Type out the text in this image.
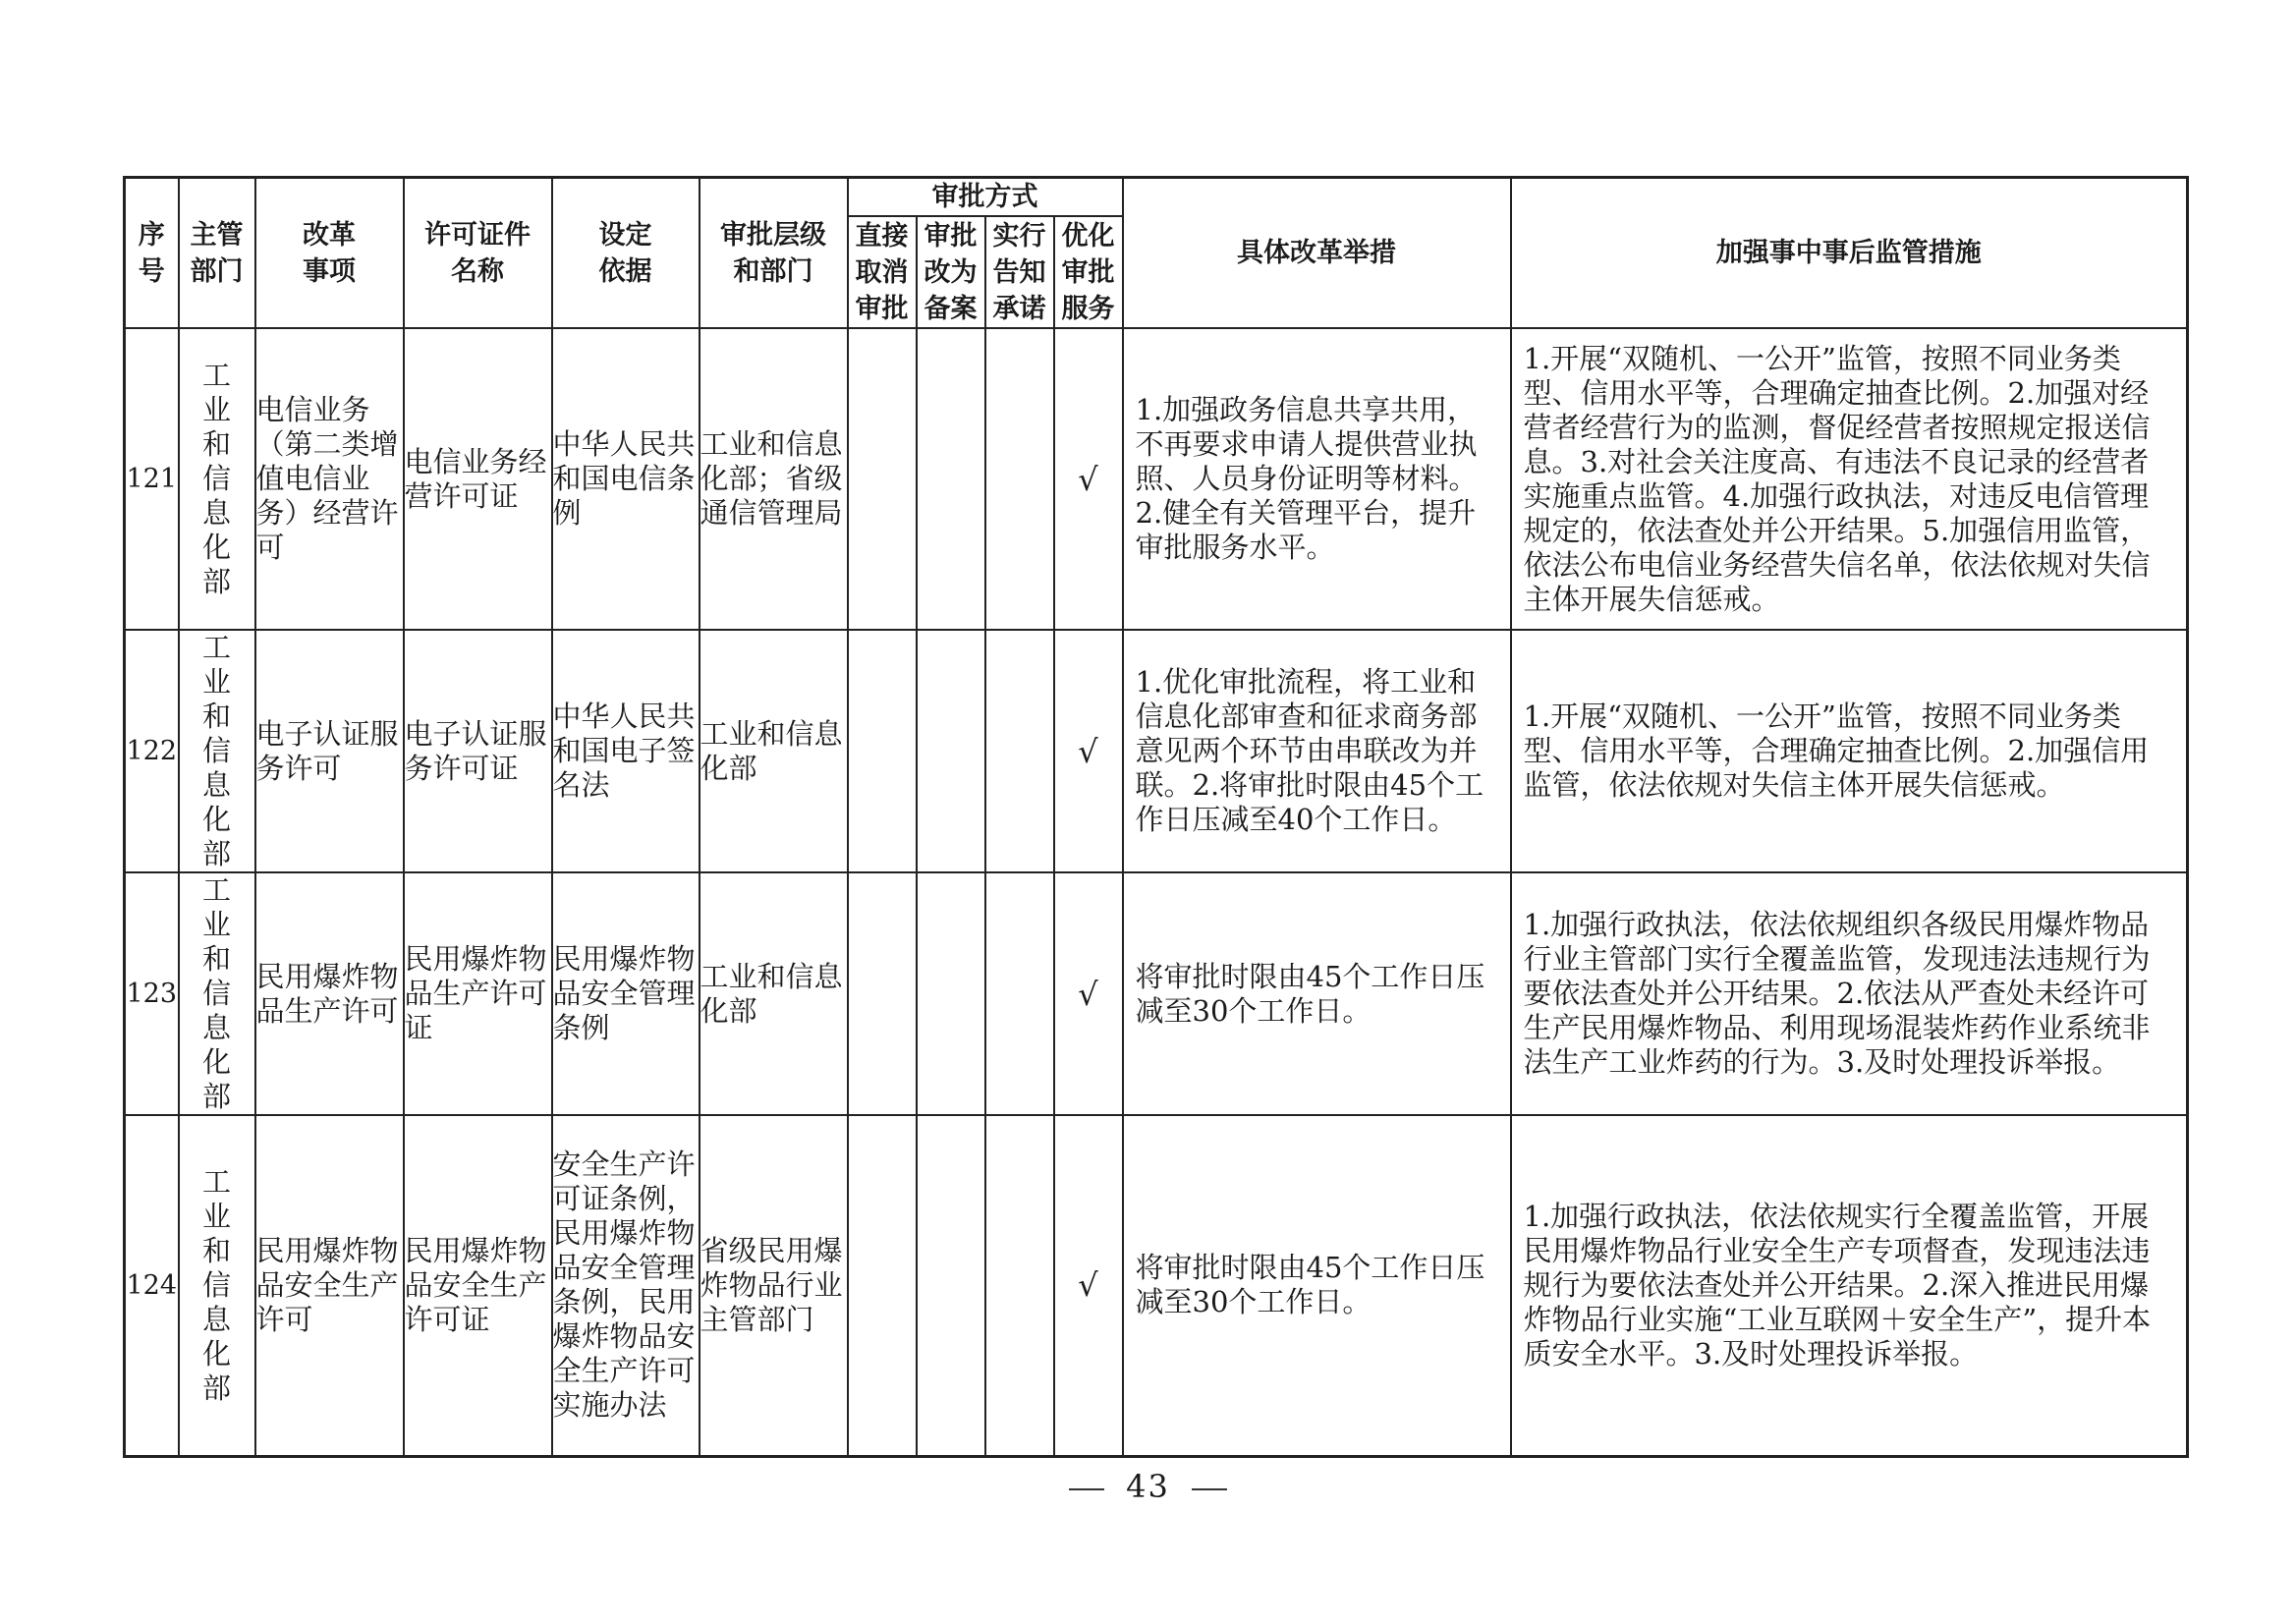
序号	主管部门	改革事项	许可证件名称	设定依据	审批层级和部门	审批方式				具体改革举措	加强事中事后监管措施

						直接取消审批	审批改为备案	实行告知承诺	优化审批服务		

121	工业和信息化部	电信业务（第二类增值电信业务）经营许可	电信业务经营许可证	中华人民共和国电信条例	工业和信息化部；省级通信管理局				√	1.加强政务信息共享共用，不再要求申请人提供营业执照、人员身份证明等材料。2.健全有关管理平台，提升审批服务水平。	1.开展“双随机、一公开”监管，按照不同业务类型、信用水平等，合理确定抽查比例。2.加强对经营者经营行为的监测，督促经营者按照规定报送信息。3.对社会关注度高、有违法不良记录的经营者实施重点监管。4.加强行政执法，对违反电信管理规定的，依法查处并公开结果。5.加强信用监管，依法公布电信业务经营失信名单，依法依规对失信主体开展失信惩戒。
122	工业和信息化部	电子认证服务许可	电子认证服务许可证	中华人民共和国电子签名法	工业和信息化部				√	1.优化审批流程，将工业和信息化部审查和征求商务部意见两个环节由串联改为并联。2.将审批时限由45个工作日压减至40个工作日。	1.开展“双随机、一公开”监管，按照不同业务类型、信用水平等，合理确定抽查比例。2.加强信用监管，依法依规对失信主体开展失信惩戒。
123	工业和信息化部	民用爆炸物品生产许可	民用爆炸物品生产许可证	民用爆炸物品安全管理条例	工业和信息化部				√	将审批时限由45个工作日压减至30个工作日。	1.加强行政执法，依法依规组织各级民用爆炸物品行业主管部门实行全覆盖监管，发现违法违规行为要依法查处并公开结果。2.依法从严查处未经许可生产民用爆炸物品、利用现场混装炸药作业系统非法生产工业炸药的行为。3.及时处理投诉举报。
124	工业和信息化部	民用爆炸物品安全生产许可	民用爆炸物品安全生产许可证	安全生产许可证条例，民用爆炸物品安全管理条例，民用爆炸物品安全生产许可实施办法	省级民用爆炸物品行业主管部门				√	将审批时限由45个工作日压减至30个工作日。	1.加强行政执法，依法依规实行全覆盖监管，开展民用爆炸物品行业安全生产专项督查，发现违法违规行为要依法查处并公开结果。2.深入推进民用爆炸物品行业实施“工业互联网＋安全生产”，提升本质安全水平。3.及时处理投诉举报。
43
